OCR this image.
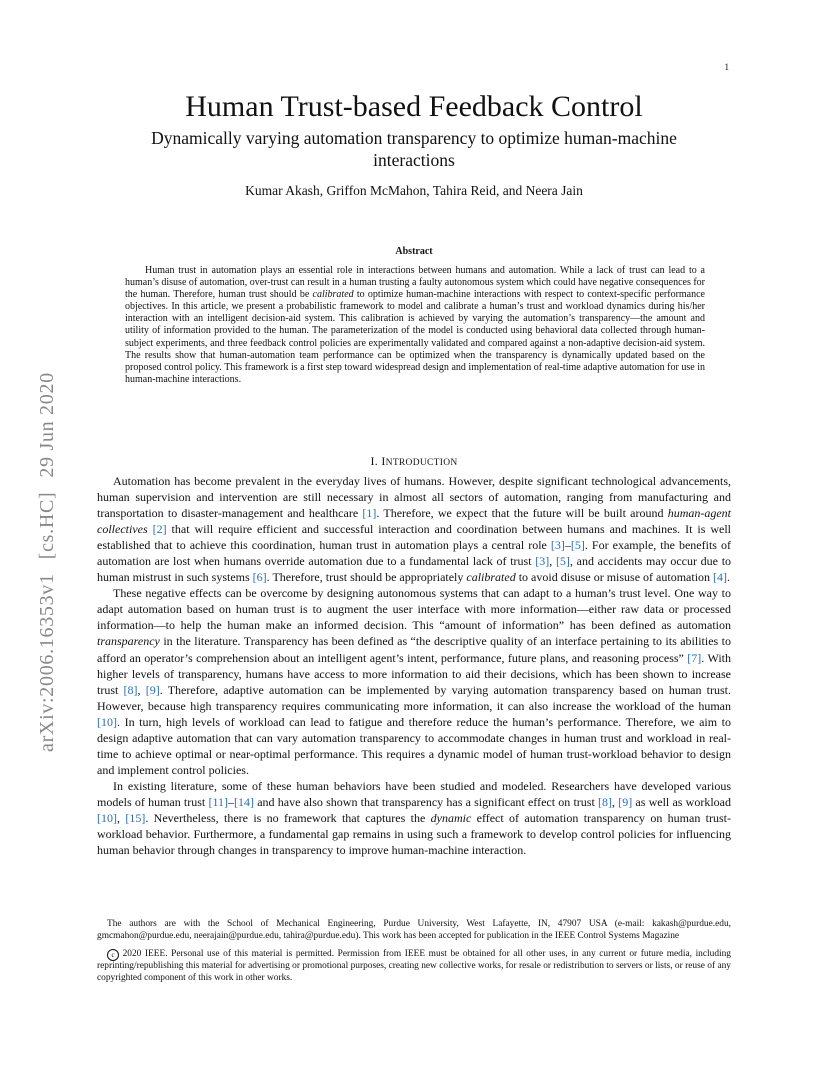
1
arXiv:2006.16353v1[cs.HC]29 Jun 2020
Human Trust-based Feedback Control
Dynamically varying automation transparency to optimize human-machine interactions
Kumar Akash, Griffon McMahon, Tahira Reid, and Neera Jain
Abstract
Human trust in automation plays an essential role in interactions between humans and automation. While a lack of trust can lead to a human’s disuse of automation, over-trust can result in a human trusting a faulty autonomous system which could have negative consequences for the human. Therefore, human trust should be calibrated to optimize human-machine interactions with respect to context-specific performance objectives. In this article, we present a probabilistic framework to model and calibrate a human’s trust and workload dynamics during his/her interaction with an intelligent decision-aid system. This calibration is achieved by varying the automation’s transparency—the amount and utility of information provided to the human. The parameterization of the model is conducted using behavioral data collected through human-subject experiments, and three feedback control policies are experimentally validated and compared against a non-adaptive decision-aid system. The results show that human-automation team performance can be optimized when the transparency is dynamically updated based on the proposed control policy. This framework is a first step toward widespread design and implementation of real-time adaptive automation for use in human-machine interactions.
I. INTRODUCTION

Automation has become prevalent in the everyday lives of humans. However, despite significant technological advancements, human supervision and intervention are still necessary in almost all sectors of automation, ranging from manufacturing and transportation to disaster-management and healthcare [1]. Therefore, we expect that the future will be built around human-agent collectives [2] that will require efficient and successful interaction and coordination between humans and machines. It is well established that to achieve this coordination, human trust in automation plays a central role [3]–[5]. For example, the benefits of automation are lost when humans override automation due to a fundamental lack of trust [3], [5], and accidents may occur due to human mistrust in such systems [6]. Therefore, trust should be appropriately calibrated to avoid disuse or misuse of automation [4].

These negative effects can be overcome by designing autonomous systems that can adapt to a human’s trust level. One way to adapt automation based on human trust is to augment the user interface with more information—either raw data or processed information—to help the human make an informed decision. This “amount of information” has been defined as automation transparency in the literature. Transparency has been defined as “the descriptive quality of an interface pertaining to its abilities to afford an operator’s comprehension about an intelligent agent’s intent, performance, future plans, and reasoning process” [7]. With higher levels of transparency, humans have access to more information to aid their decisions, which has been shown to increase trust [8], [9]. Therefore, adaptive automation can be implemented by varying automation transparency based on human trust. However, because high transparency requires communicating more information, it can also increase the workload of the human [10]. In turn, high levels of workload can lead to fatigue and therefore reduce the human’s performance. Therefore, we aim to design adaptive automation that can vary automation transparency to accommodate changes in human trust and workload in real-time to achieve optimal or near-optimal performance. This requires a dynamic model of human trust-workload behavior to design and implement control policies.

In existing literature, some of these human behaviors have been studied and modeled. Researchers have developed various models of human trust [11]–[14] and have also shown that transparency has a significant effect on trust [8], [9] as well as workload [10], [15]. Nevertheless, there is no framework that captures the dynamic effect of automation transparency on human trust-workload behavior. Furthermore, a fundamental gap remains in using such a framework to develop control policies for influencing human behavior through changes in transparency to improve human-machine interaction.

The authors are with the School of Mechanical Engineering, Purdue University, West Lafayette, IN, 47907 USA (e-mail: kakash@purdue.edu, gmcmahon@purdue.edu, neerajain@purdue.edu, tahira@purdue.edu). This work has been accepted for publication in the IEEE Control Systems Magazine

c 2020 IEEE. Personal use of this material is permitted. Permission from IEEE must be obtained for all other uses, in any current or future media, including reprinting/republishing this material for advertising or promotional purposes, creating new collective works, for resale or redistribution to servers or lists, or reuse of any copyrighted component of this work in other works.
